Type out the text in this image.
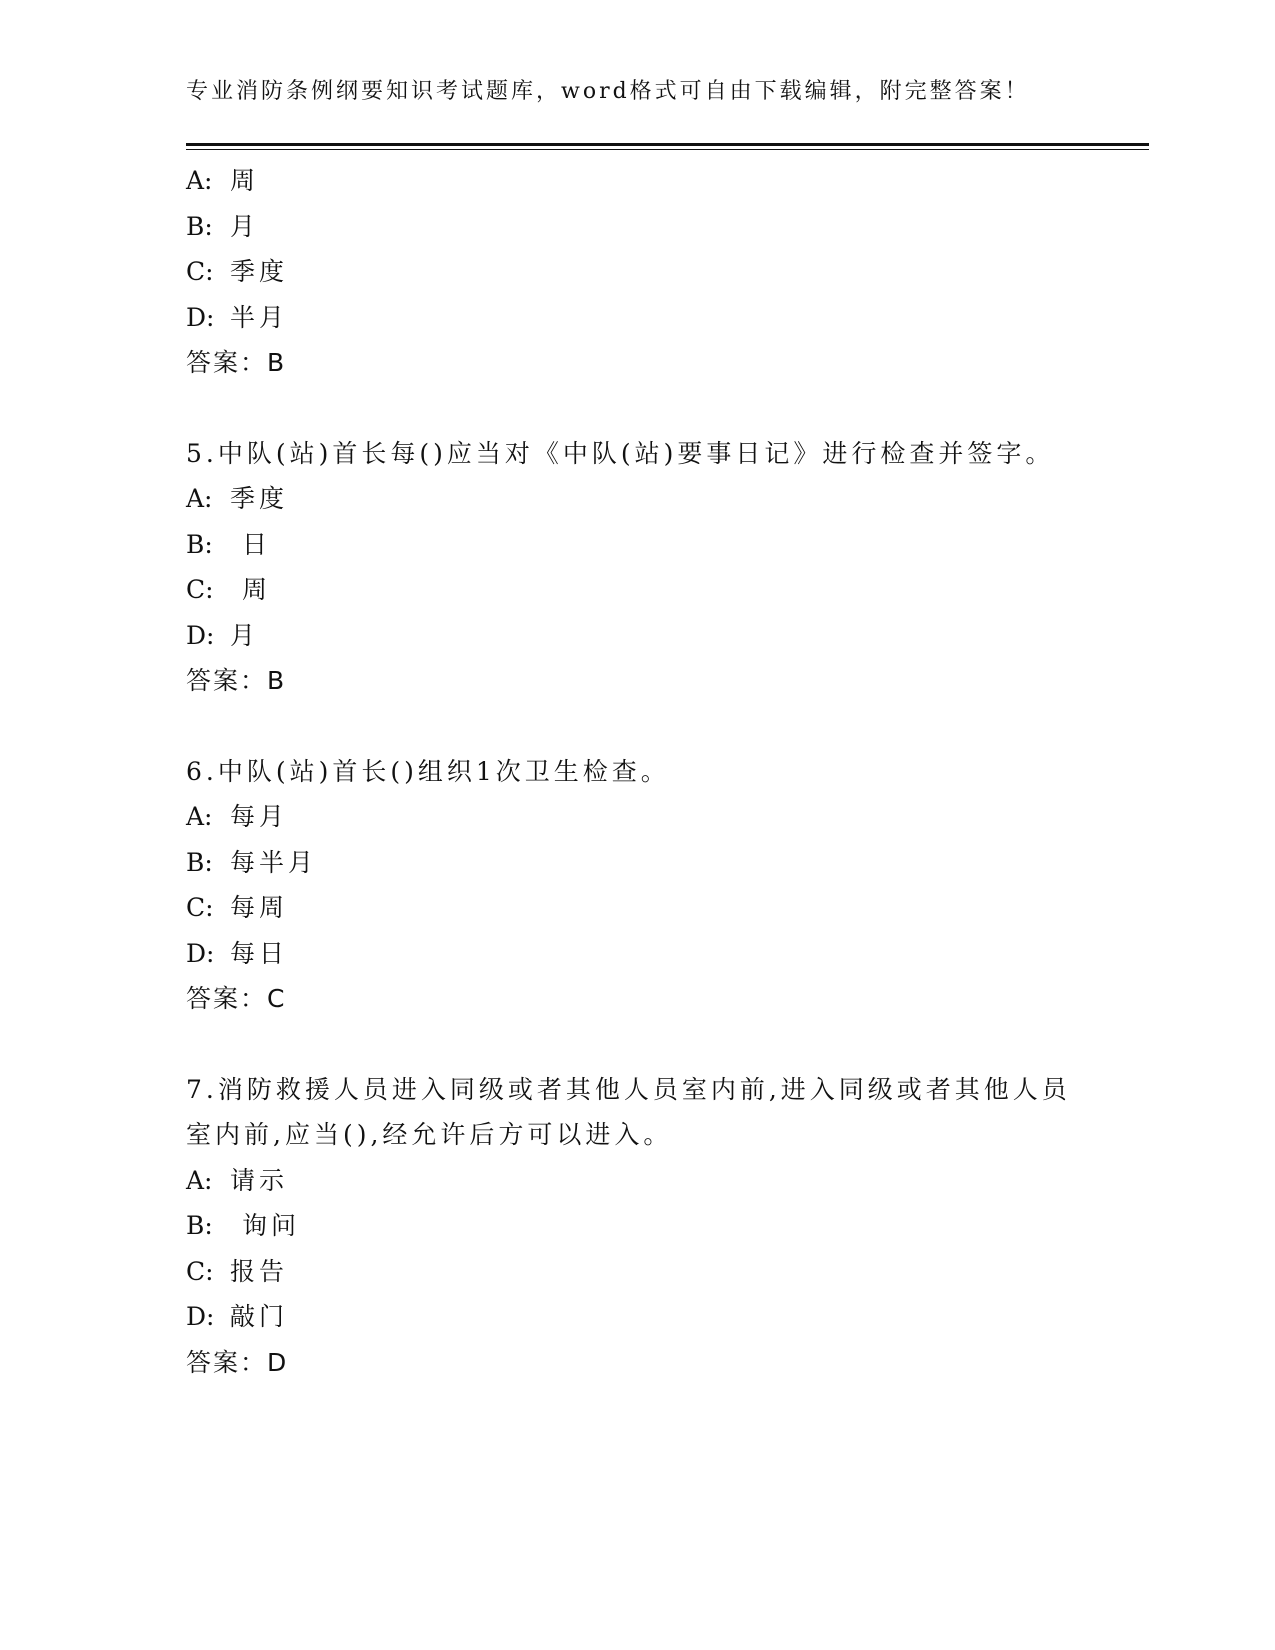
专业消防条例纲要知识考试题库，word格式可自由下载编辑，附完整答案！
A: 周
B: 月
C: 季度
D: 半月
答案：B
5.中队(站)首长每()应当对《中队(站)要事日记》进行检查并签字。
A: 季度
B: 日
C: 周
D: 月
答案：B
6.中队(站)首长()组织1次卫生检查。
A: 每月
B: 每半月
C: 每周
D: 每日
答案：C
7.消防救援人员进入同级或者其他人员室内前,进入同级或者其他人员
室内前,应当(),经允许后方可以进入。
A: 请示
B: 询问
C: 报告
D: 敲门
答案：D
